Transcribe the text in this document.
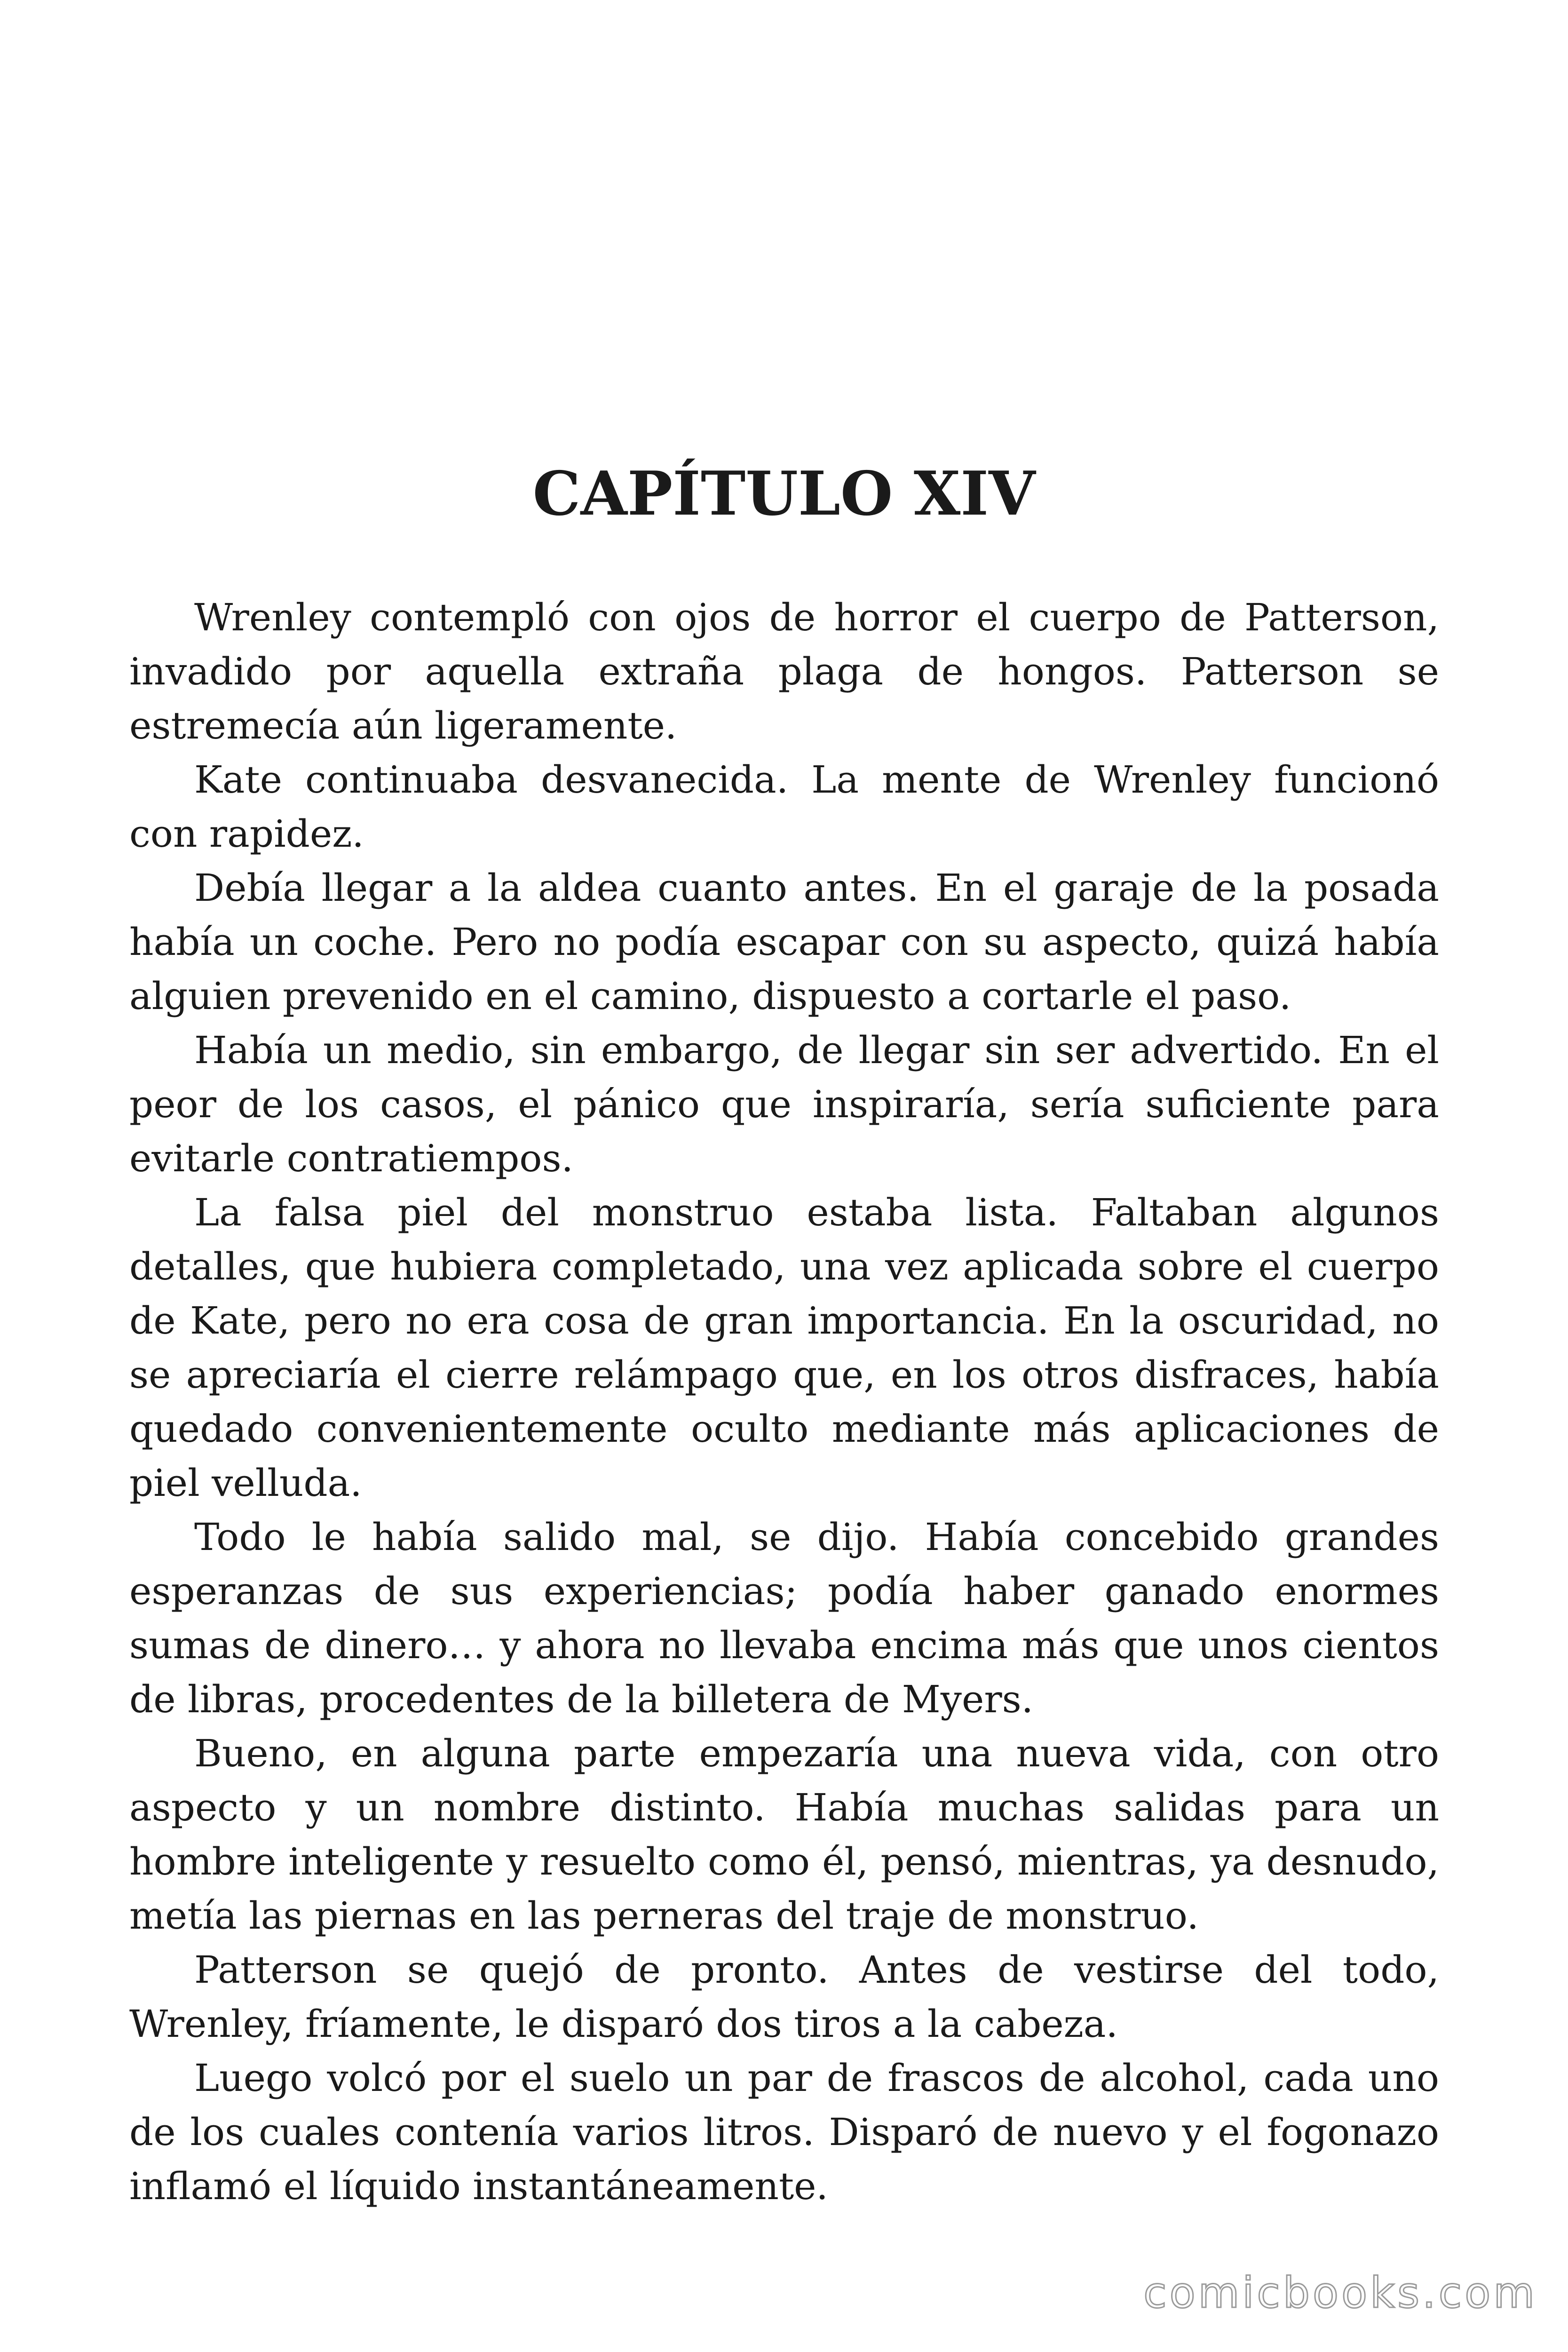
CAPÍTULO XIV

Wrenley contempló con ojos de horror el cuerpo de Patterson, invadido por aquella extraña plaga de hongos. Patterson se estremecía aún ligeramente.

Kate continuaba desvanecida. La mente de Wrenley funcionó con rapidez.

Debía llegar a la aldea cuanto antes. En el garaje de la posada había un coche. Pero no podía escapar con su aspecto, quizá había alguien prevenido en el camino, dispuesto a cortarle el paso.

Había un medio, sin embargo, de llegar sin ser advertido. En el peor de los casos, el pánico que inspiraría, sería suficiente para evitarle contratiempos.

La falsa piel del monstruo estaba lista. Faltaban algunos detalles, que hubiera completado, una vez aplicada sobre el cuerpo de Kate, pero no era cosa de gran importancia. En la oscuridad, no se apreciaría el cierre relámpago que, en los otros disfraces, había quedado convenientemente oculto mediante más aplicaciones de piel velluda.

Todo le había salido mal, se dijo. Había concebido grandes esperanzas de sus experiencias; podía haber ganado enormes sumas de dinero… y ahora no llevaba encima más que unos cientos de libras, procedentes de la billetera de Myers.

Bueno, en alguna parte empezaría una nueva vida, con otro aspecto y un nombre distinto. Había muchas salidas para un hombre inteligente y resuelto como él, pensó, mientras, ya desnudo, metía las piernas en las perneras del traje de monstruo.

Patterson se quejó de pronto. Antes de vestirse del todo, Wrenley, fríamente, le disparó dos tiros a la cabeza.

Luego volcó por el suelo un par de frascos de alcohol, cada uno de los cuales contenía varios litros. Disparó de nuevo y el fogonazo inflamó el líquido instantáneamente.

comicbooks.com
